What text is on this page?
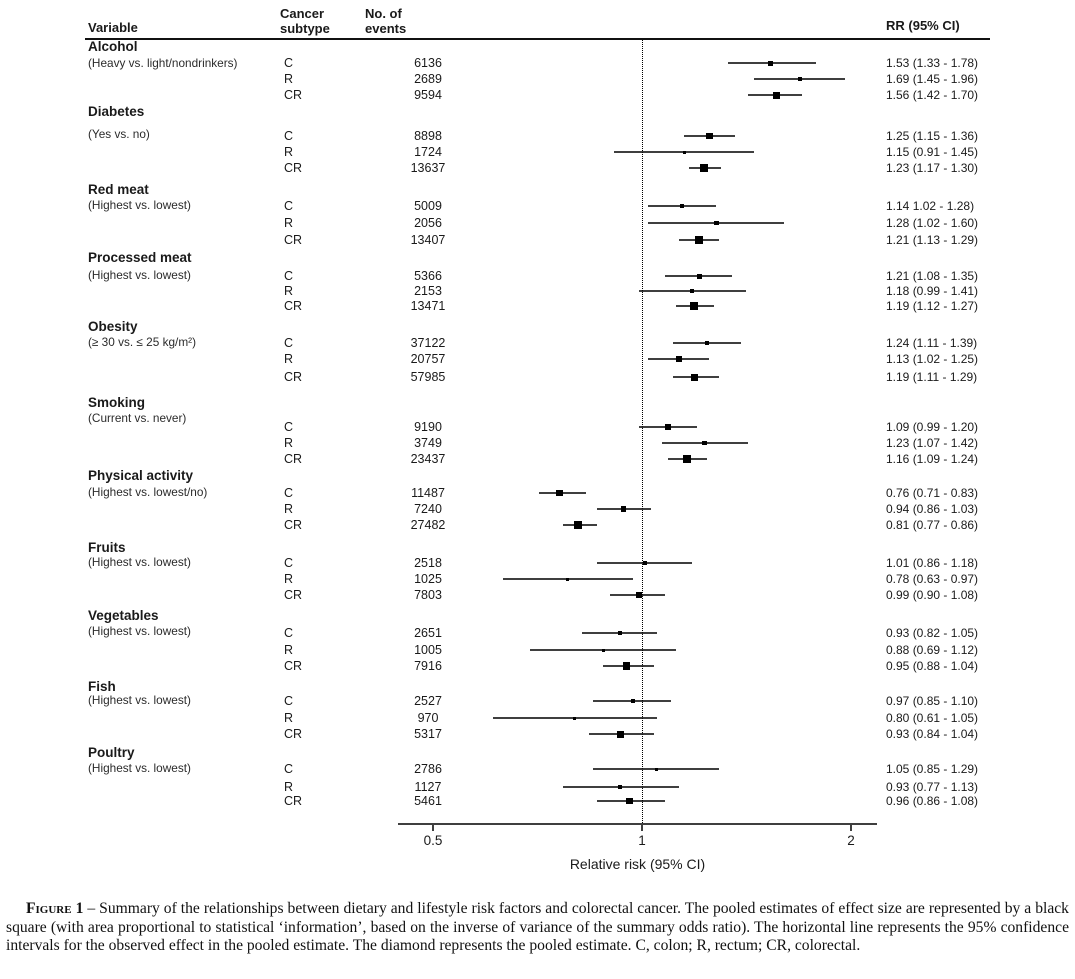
Variable
Cancer
subtype
No. of
events	RR (95% CI)
Alcohol
(Heavy vs. light/nondrinkers)	C	6136	1.53 (1.33 - 1.78)
R	2689	1.69 (1.45 - 1.96)
CR	9594	1.56 (1.42 - 1.70)
Diabetes
(Yes vs. no)	C	8898	1.25 (1.15 - 1.36)
R	1724	1.15 (0.91 - 1.45)
CR	13637	1.23 (1.17 - 1.30)
Red meat
(Highest vs. lowest)	C	5009	1.14 1.02 - 1.28)
R	2056	1.28 (1.02 - 1.60)
CR	13407	1.21 (1.13 - 1.29)
Processed meat
(Highest vs. lowest)	C	5366	1.21 (1.08 - 1.35)
R	2153	1.18 (0.99 - 1.41)
CR	13471	1.19 (1.12 - 1.27)
Obesity
(≥ 30 vs. ≤ 25 kg/m²)	C	37122	1.24 (1.11 - 1.39)
R	20757	1.13 (1.02 - 1.25)
CR	57985	1.19 (1.11 - 1.29)
Smoking
(Current vs. never)
C	9190	1.09 (0.99 - 1.20)
R	3749	1.23 (1.07 - 1.42)
CR	23437	1.16 (1.09 - 1.24)
Physical activity
(Highest vs. lowest/no)	C	11487	0.76 (0.71 - 0.83)
R	7240	0.94 (0.86 - 1.03)
CR	27482	0.81 (0.77 - 0.86)
Fruits
(Highest vs. lowest)	C	2518	1.01 (0.86 - 1.18)
R	1025	0.78 (0.63 - 0.97)
CR	7803	0.99 (0.90 - 1.08)
Vegetables
(Highest vs. lowest)	C	2651	0.93 (0.82 - 1.05)
R	1005	0.88 (0.69 - 1.12)
CR	7916	0.95 (0.88 - 1.04)
Fish
(Highest vs. lowest)	C	2527	0.97 (0.85 - 1.10)
R	970	0.80 (0.61 - 1.05)
CR	5317	0.93 (0.84 - 1.04)
Poultry
(Highest vs. lowest)	C	2786	1.05 (0.85 - 1.29)
R	1127	0.93 (0.77 - 1.13)
CR	5461	0.96 (0.86 - 1.08)
0.5	1	2
Relative risk (95% CI)
Figure 1 – Summary of the relationships between dietary and lifestyle risk factors and colorectal cancer. The pooled estimates of effect size are represented by a black square (with area proportional to statistical ‘information’, based on the inverse of variance of the summary odds ratio). The horizontal line represents the 95% confidence intervals for the observed effect in the pooled estimate. The diamond represents the pooled estimate. C, colon; R, rectum; CR, colorectal.
